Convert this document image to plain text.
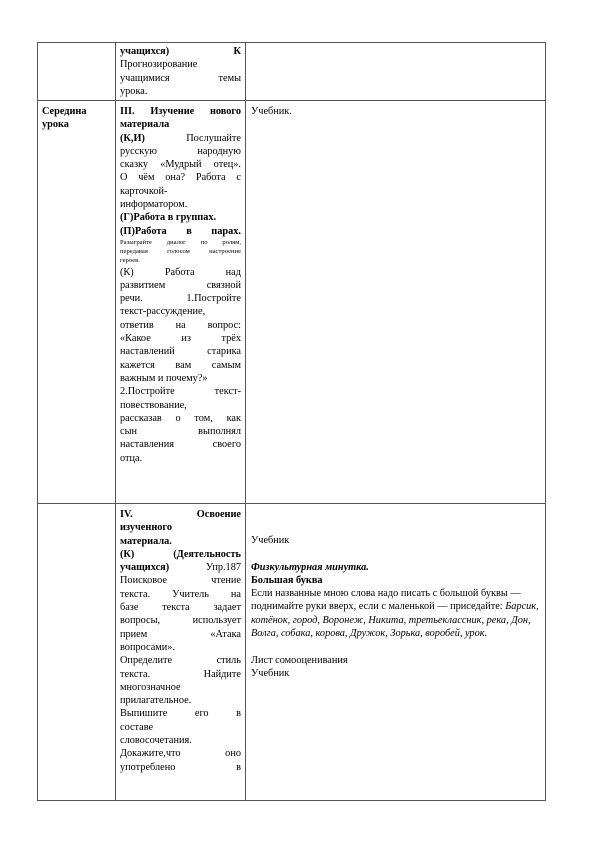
учащихся) К

Прогнозирование

учащимися темы

урока.

Середина
урока

III. Изучение нового

материала

(К,И) Послушайте

русскую народную

сказку «Мудрый отец».

О чём она? Работа с

карточкой-

информатором.

(Г)Работа в группах.

(П)Работа в парах.

Разыграйте диалог по ролям,

передавая голосом настроение

героев.

(К) Работа над

развитием связной

речи. 1.Постройте

текст-рассуждение,

ответив на вопрос:

«Какое из трёх

наставлений старика

кажется вам самым

важным и почему?»

2.Постройте текст-

повествование,

рассказав о том, как

сын выполнял

наставления своего

отца.

Учебник.

IV. Освоение

изученного

материала.

(К) (Деятельность

учащихся) Упр.187

Поисковое чтение

текста. Учитель на

базе текста задает

вопросы, использует

прием «Атака

вопросами».

Определите стиль

текста. Найдите

многозначное

прилагательное.

Выпишите его в

составе

словосочетания.

Докажите,что оно

употреблено в

Учебник

Физкультурная минутка.

Большая буква

Если названные мною слова надо писать с большой буквы — поднимайте руки вверх, если с маленькой — приседайте: Барсик, котёнок, город, Воронеж, Никита, третьеклассник, река, Дон, Волга, собака, корова, Дружок, Зорька, воробей, урок.

Лист сомооценивания

Учебник
